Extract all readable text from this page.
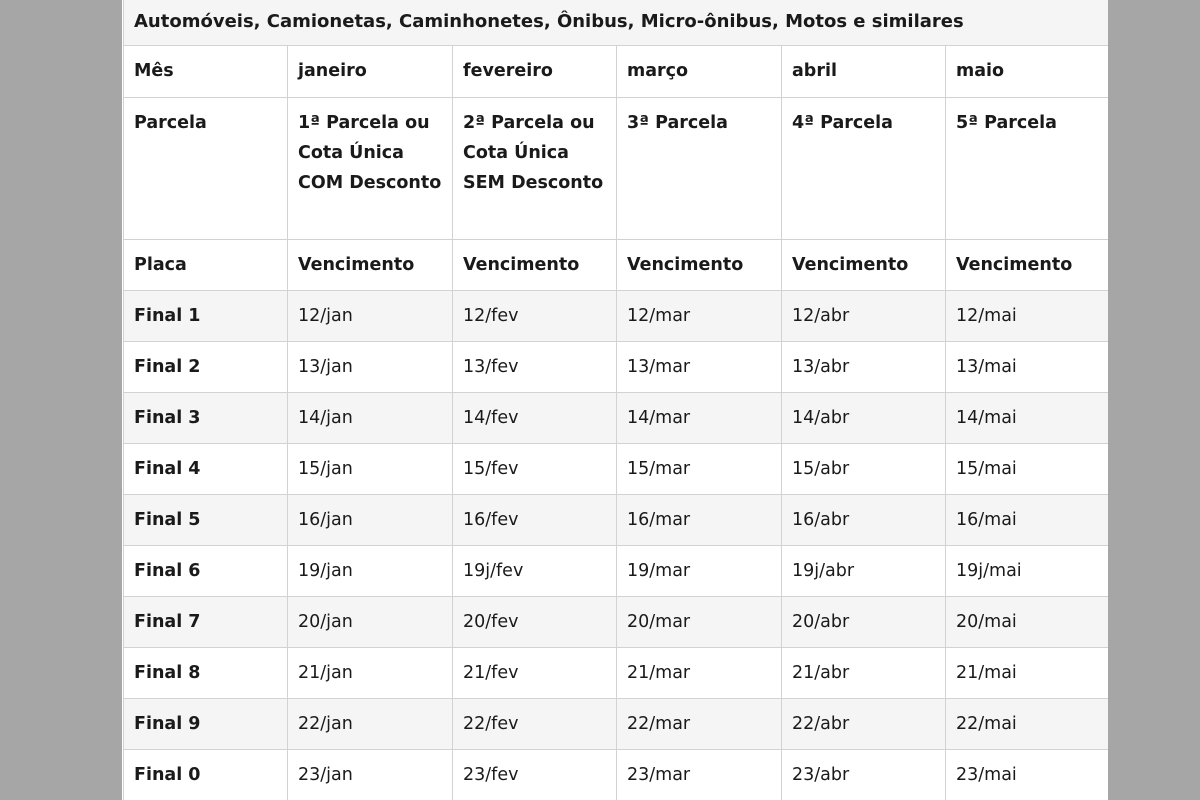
Automóveis, Camionetas, Caminhonetes, Ônibus, Micro-ônibus, Motos e similares					
Mês	janeiro	fevereiro	março	abril	maio
Parcela	1ª Parcela ou Cota Única COM Desconto	2ª Parcela ou Cota Única SEM Desconto	3ª Parcela	4ª Parcela	5ª Parcela
Placa	Vencimento	Vencimento	Vencimento	Vencimento	Vencimento
Final 1	12/jan	12/fev	12/mar	12/abr	12/mai
Final 2	13/jan	13/fev	13/mar	13/abr	13/mai
Final 3	14/jan	14/fev	14/mar	14/abr	14/mai
Final 4	15/jan	15/fev	15/mar	15/abr	15/mai
Final 5	16/jan	16/fev	16/mar	16/abr	16/mai
Final 6	19/jan	19j/fev	19/mar	19j/abr	19j/mai
Final 7	20/jan	20/fev	20/mar	20/abr	20/mai
Final 8	21/jan	21/fev	21/mar	21/abr	21/mai
Final 9	22/jan	22/fev	22/mar	22/abr	22/mai
Final 0	23/jan	23/fev	23/mar	23/abr	23/mai
